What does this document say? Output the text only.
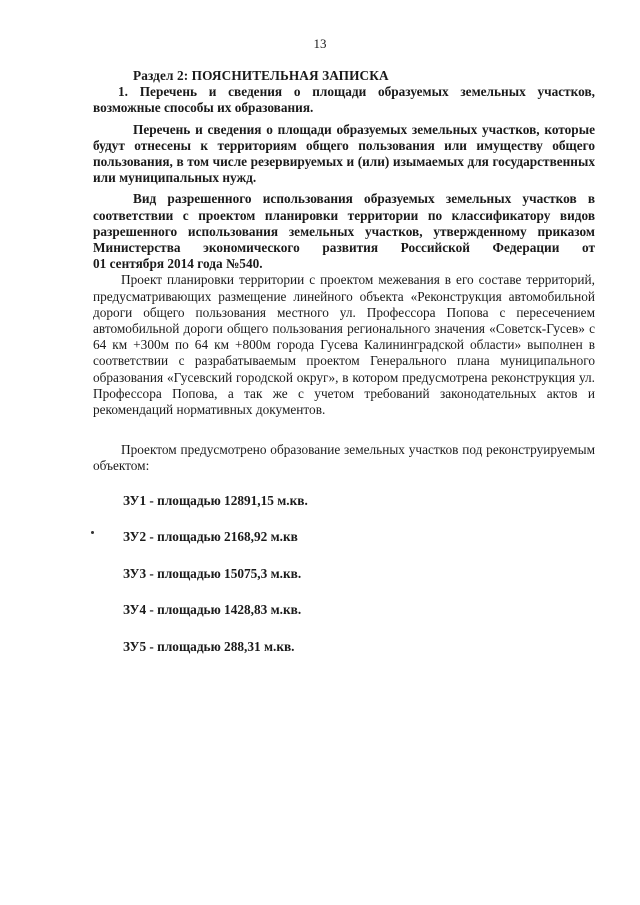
13

Раздел 2: ПОЯСНИТЕЛЬНАЯ ЗАПИСКА

1. Перечень и сведения о площади образуемых земельных участков, возможные способы их образования.

Перечень и сведения о площади образуемых земельных участков, которые будут отнесены к территориям общего пользования или имуществу общего пользования, в том числе резервируемых и (или) изымаемых для государственных или муниципальных нужд.

Вид разрешенного использования образуемых земельных участков в соответствии с проектом планировки территории по классификатору видов разрешенного использования земельных участков, утвержденному приказом Министерства экономического развития Российской Федерации от
01 сентября 2014 года №540.

Проект планировки территории с проектом межевания в его составе территорий, предусматривающих размещение линейного объекта «Реконструкция автомобильной дороги общего пользования местного ул. Профессора Попова с пересечением автомобильной дороги общего пользования регионального значения «Советск-Гусев» с 64 км +300м по 64 км +800м города Гусева Калининградской области» выполнен в соответствии с разрабатываемым проектом Генерального плана муниципального образования «Гусевский городской округ», в котором предусмотрена реконструкция ул. Профессора Попова, а так же с учетом требований законодательных актов и рекомендаций нормативных документов.

Проектом предусмотрено образование земельных участков под реконструируемым объектом:

ЗУ1 - площадью 12891,15 м.кв.
ЗУ2 - площадью 2168,92 м.кв
ЗУ3 - площадью 15075,3 м.кв.
ЗУ4 - площадью 1428,83 м.кв.
ЗУ5 - площадью 288,31 м.кв.
